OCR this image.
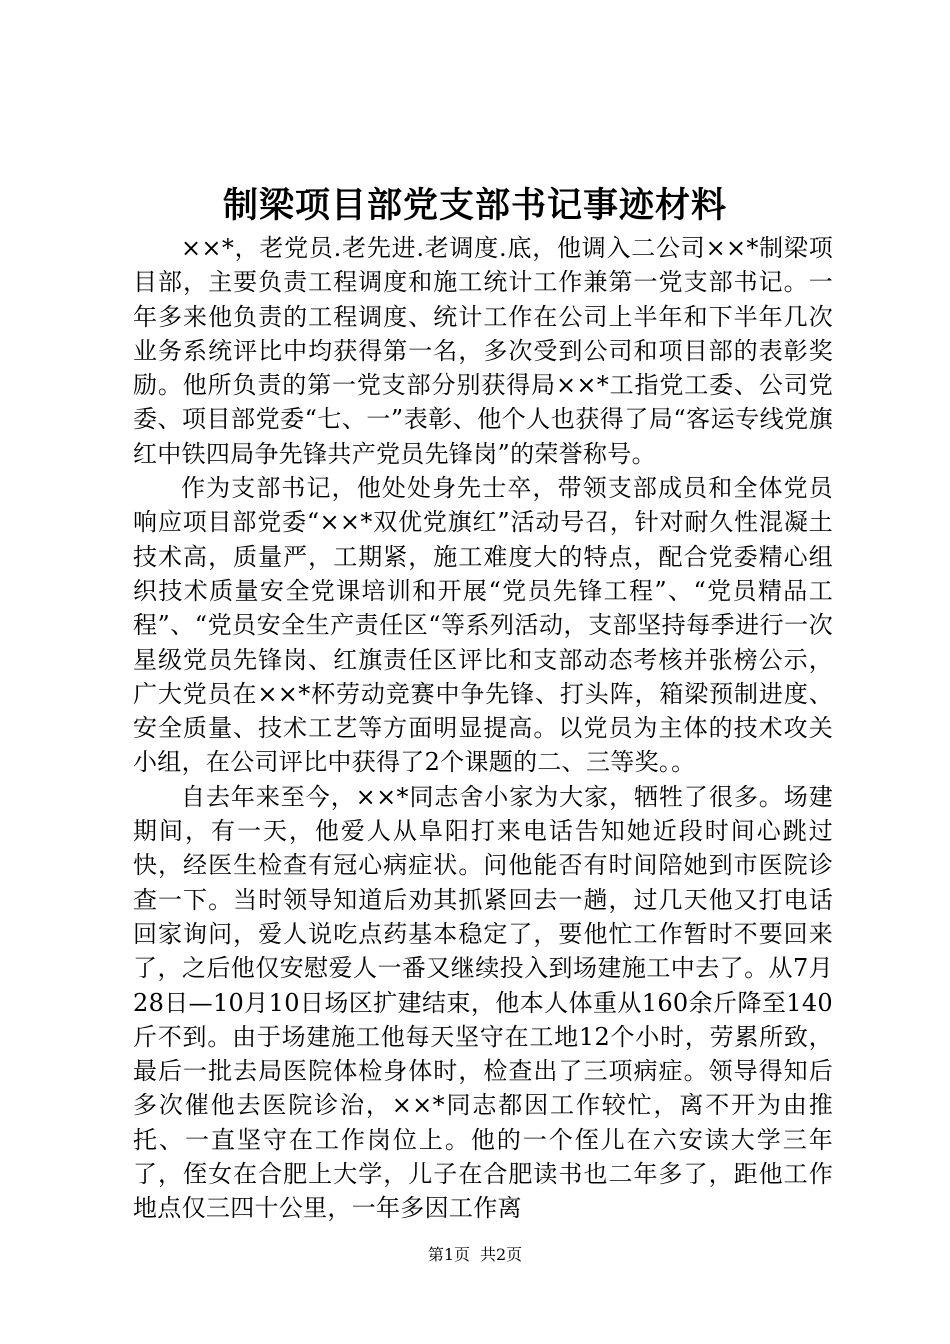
制梁项目部党支部书记事迹材料

××*，老党员.老先进.老调度.底，他调入二公司××*制梁项目部，主要负责工程调度和施工统计工作兼第一党支部书记。一年多来他负责的工程调度、统计工作在公司上半年和下半年几次业务系统评比中均获得第一名，多次受到公司和项目部的表彰奖励。他所负责的第一党支部分别获得局××*工指党工委、公司党委、项目部党委“七、一”表彰、他个人也获得了局“客运专线党旗红中铁四局争先锋共产党员先锋岗”的荣誉称号。

作为支部书记，他处处身先士卒，带领支部成员和全体党员响应项目部党委“××*双优党旗红”活动号召，针对耐久性混凝土技术高，质量严，工期紧，施工难度大的特点，配合党委精心组织技术质量安全党课培训和开展“党员先锋工程”、“党员精品工程”、“党员安全生产责任区“等系列活动，支部坚持每季进行一次星级党员先锋岗、红旗责任区评比和支部动态考核并张榜公示，广大党员在××*杯劳动竞赛中争先锋、打头阵，箱梁预制进度、安全质量、技术工艺等方面明显提高。以党员为主体的技术攻关小组，在公司评比中获得了2个课题的二、三等奖。。

自去年来至今，××*同志舍小家为大家，牺牲了很多。场建期间，有一天，他爱人从阜阳打来电话告知她近段时间心跳过快，经医生检查有冠心病症状。问他能否有时间陪她到市医院诊查一下。当时领导知道后劝其抓紧回去一趟，过几天他又打电话回家询问，爱人说吃点药基本稳定了，要他忙工作暂时不要回来了，之后他仅安慰爱人一番又继续投入到场建施工中去了。从7月28日—10月10日场区扩建结束，他本人体重从160余斤降至140斤不到。由于场建施工他每天坚守在工地12个小时，劳累所致，最后一批去局医院体检身体时，检查出了三项病症。领导得知后多次催他去医院诊治，××*同志都因工作较忙，离不开为由推托、一直坚守在工作岗位上。他的一个侄儿在六安读大学三年了，侄女在合肥上大学，儿子在合肥读书也二年多了，距他工作地点仅三四十公里，一年多因工作离

第1页 共2页
